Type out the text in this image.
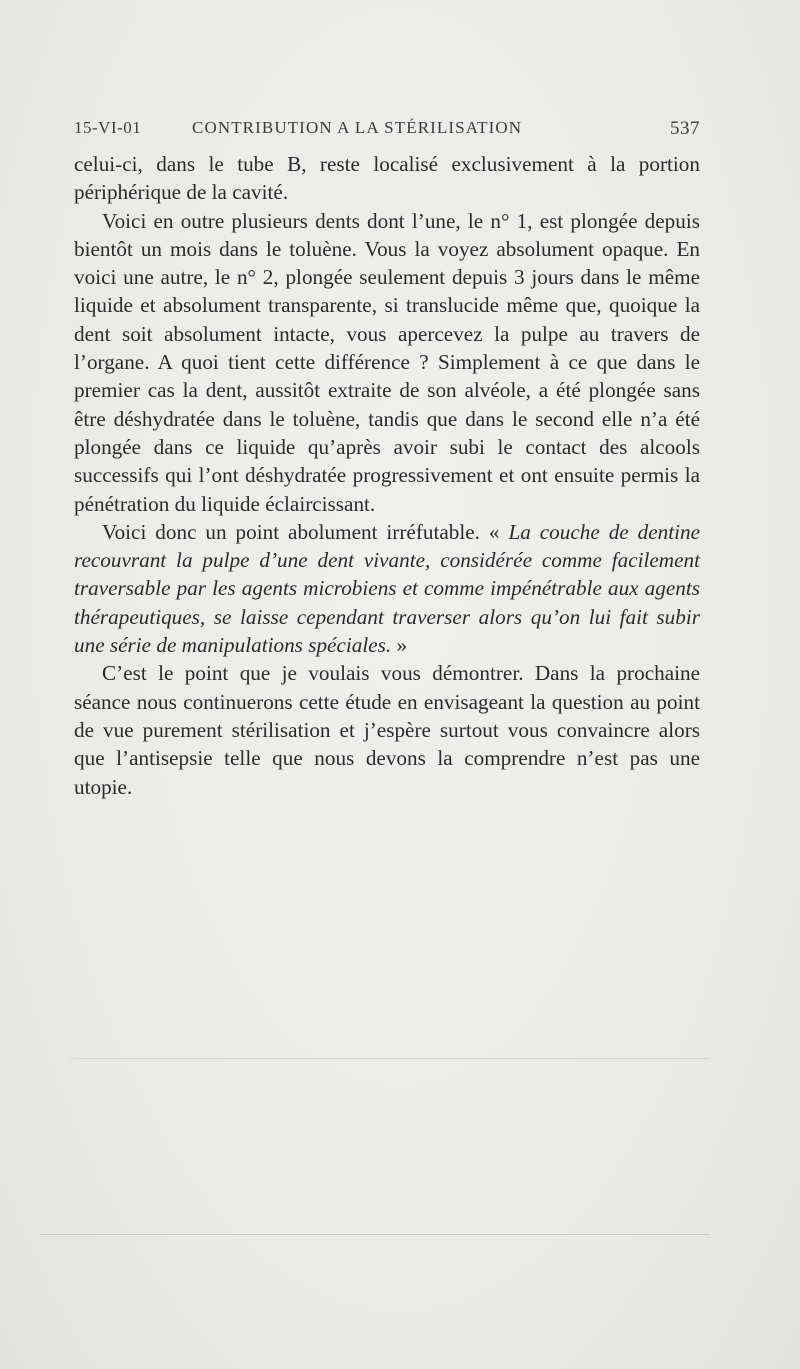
15-VI-01	CONTRIBUTION A LA STÉRILISATION	537

celui-ci, dans le tube B, reste localisé exclusivement à la portion périphérique de la cavité.

Voici en outre plusieurs dents dont l’une, le n° 1, est plongée depuis bientôt un mois dans le toluène. Vous la voyez absolument opaque. En voici une autre, le n° 2, plongée seulement depuis 3 jours dans le même liquide et absolument transparente, si translucide même que, quoique la dent soit absolument intacte, vous apercevez la pulpe au travers de l’organe. A quoi tient cette différence ? Simplement à ce que dans le premier cas la dent, aussitôt extraite de son alvéole, a été plongée sans être déshydratée dans le toluène, tandis que dans le second elle n’a été plongée dans ce liquide qu’après avoir subi le contact des alcools successifs qui l’ont déshydratée progressivement et ont ensuite permis la pénétration du liquide éclaircissant.

Voici donc un point abolument irréfutable. « La couche de dentine recouvrant la pulpe d’une dent vivante, considérée comme facilement traversable par les agents microbiens et comme impénétrable aux agents thérapeutiques, se laisse cependant traverser alors qu’on lui fait subir une série de manipulations spéciales. »

C’est le point que je voulais vous démontrer. Dans la prochaine séance nous continuerons cette étude en envisageant la question au point de vue purement stérilisation et j’espère surtout vous convaincre alors que l’antisepsie telle que nous devons la comprendre n’est pas une utopie.
